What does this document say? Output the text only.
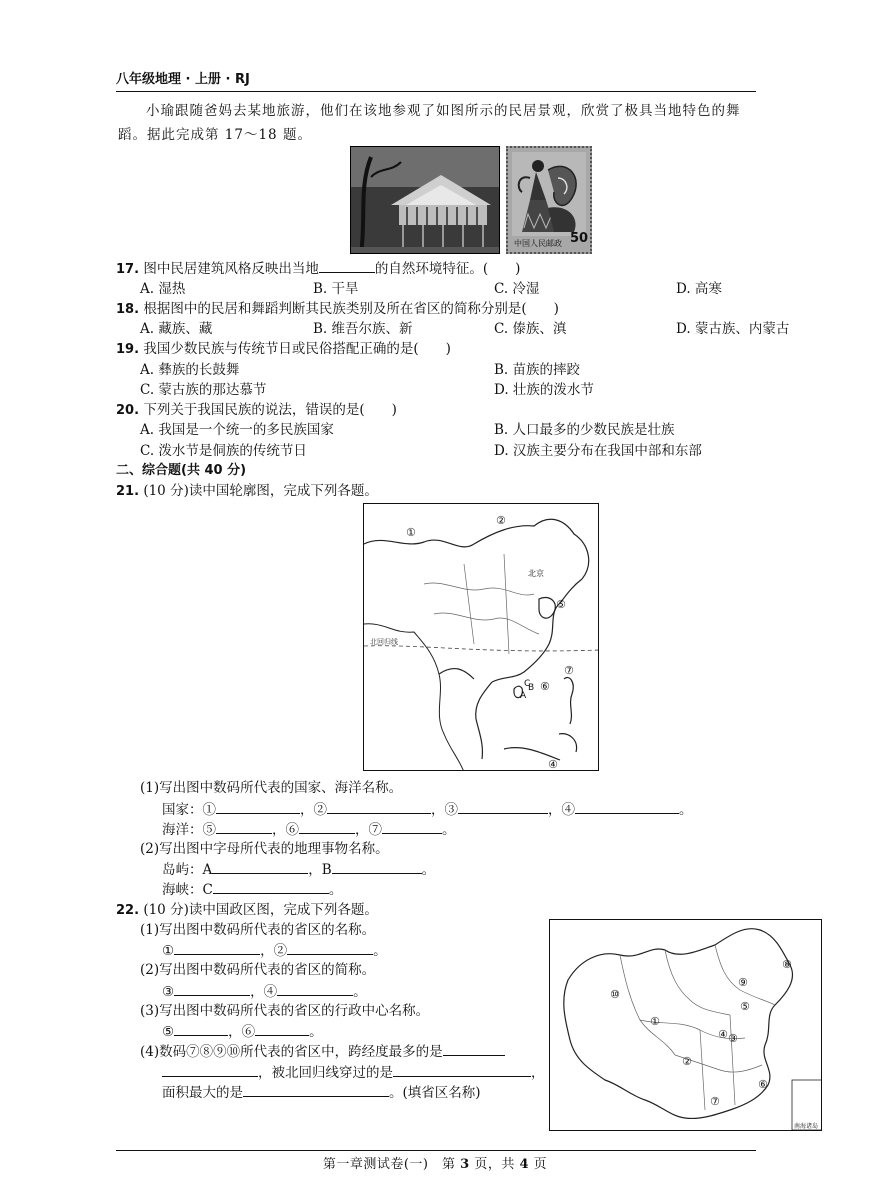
八年级地理 · 上册 · RJ
小瑜跟随爸妈去某地旅游，他们在该地参观了如图所示的民居景观，欣赏了极具当地特色的舞蹈。据此完成第 17～18 题。
中国人民邮政 50
17. 图中民居建筑风格反映出当地	的自然环境特征。(　　)
A. 湿热	B. 干旱	C. 冷湿	D. 高寒
18. 根据图中的民居和舞蹈判断其民族类别及所在省区的简称分别是(　　)
A. 藏族、藏	B. 维吾尔族、新	C. 傣族、滇	D. 蒙古族、内蒙古
19. 我国少数民族与传统节日或民俗搭配正确的是(　　)
A. 彝族的长鼓舞	B. 苗族的摔跤
C. 蒙古族的那达慕节	D. 壮族的泼水节
20. 下列关于我国民族的说法，错误的是(　　)
A. 我国是一个统一的多民族国家	B. 人口最多的少数民族是壮族
C. 泼水节是侗族的传统节日	D. 汉族主要分布在我国中部和东部
二、综合题(共 40 分)
21. (10 分)读中国轮廓图，完成下列各题。
①
②
④
⑤
⑥
⑦
C
A
B
北京
北回归线
(1)写出图中数码所代表的国家、海洋名称。
国家：①	，②	，③	，④	。
海洋：⑤	，⑥	，⑦	。
(2)写出图中字母所代表的地理事物名称。
岛屿：A	，B	。
海峡：C	。
22. (10 分)读中国政区图，完成下列各题。
(1)写出图中数码所代表的省区的名称。
①	，②	。
(2)写出图中数码所代表的省区的简称。
③	，④	。
(3)写出图中数码所代表的省区的行政中心名称。
⑤	，⑥	。
(4)数码⑦⑧⑨⑩所代表的省区中，跨经度最多的是
，被北回归线穿过的是	，
面积最大的是	。(填省区名称)
南海诸岛
①
②
③
④
⑤
⑥
⑦
⑧
⑨
⑩
第一章测试卷(一)　第 3 页，共 4 页
